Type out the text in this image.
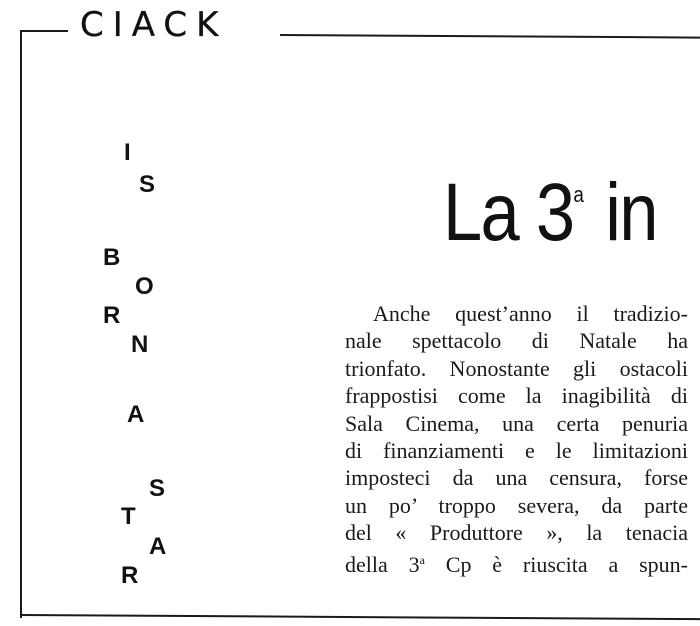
CIACK
I
S
B
O
R
N
A
S
T
A
R
La 3$^a$ in
Anche quest’anno il tradizio-
nale spettacolo di Natale ha
trionfato. Nonostante gli ostacoli
frappostisi come la inagibilità di
Sala Cinema, una certa penuria
di finanziamenti e le limitazioni
imposteci da una censura, forse
un po’ troppo severa, da parte
del « Produttore », la tenacia
della 3$^a$ Cp è riuscita a spun-
